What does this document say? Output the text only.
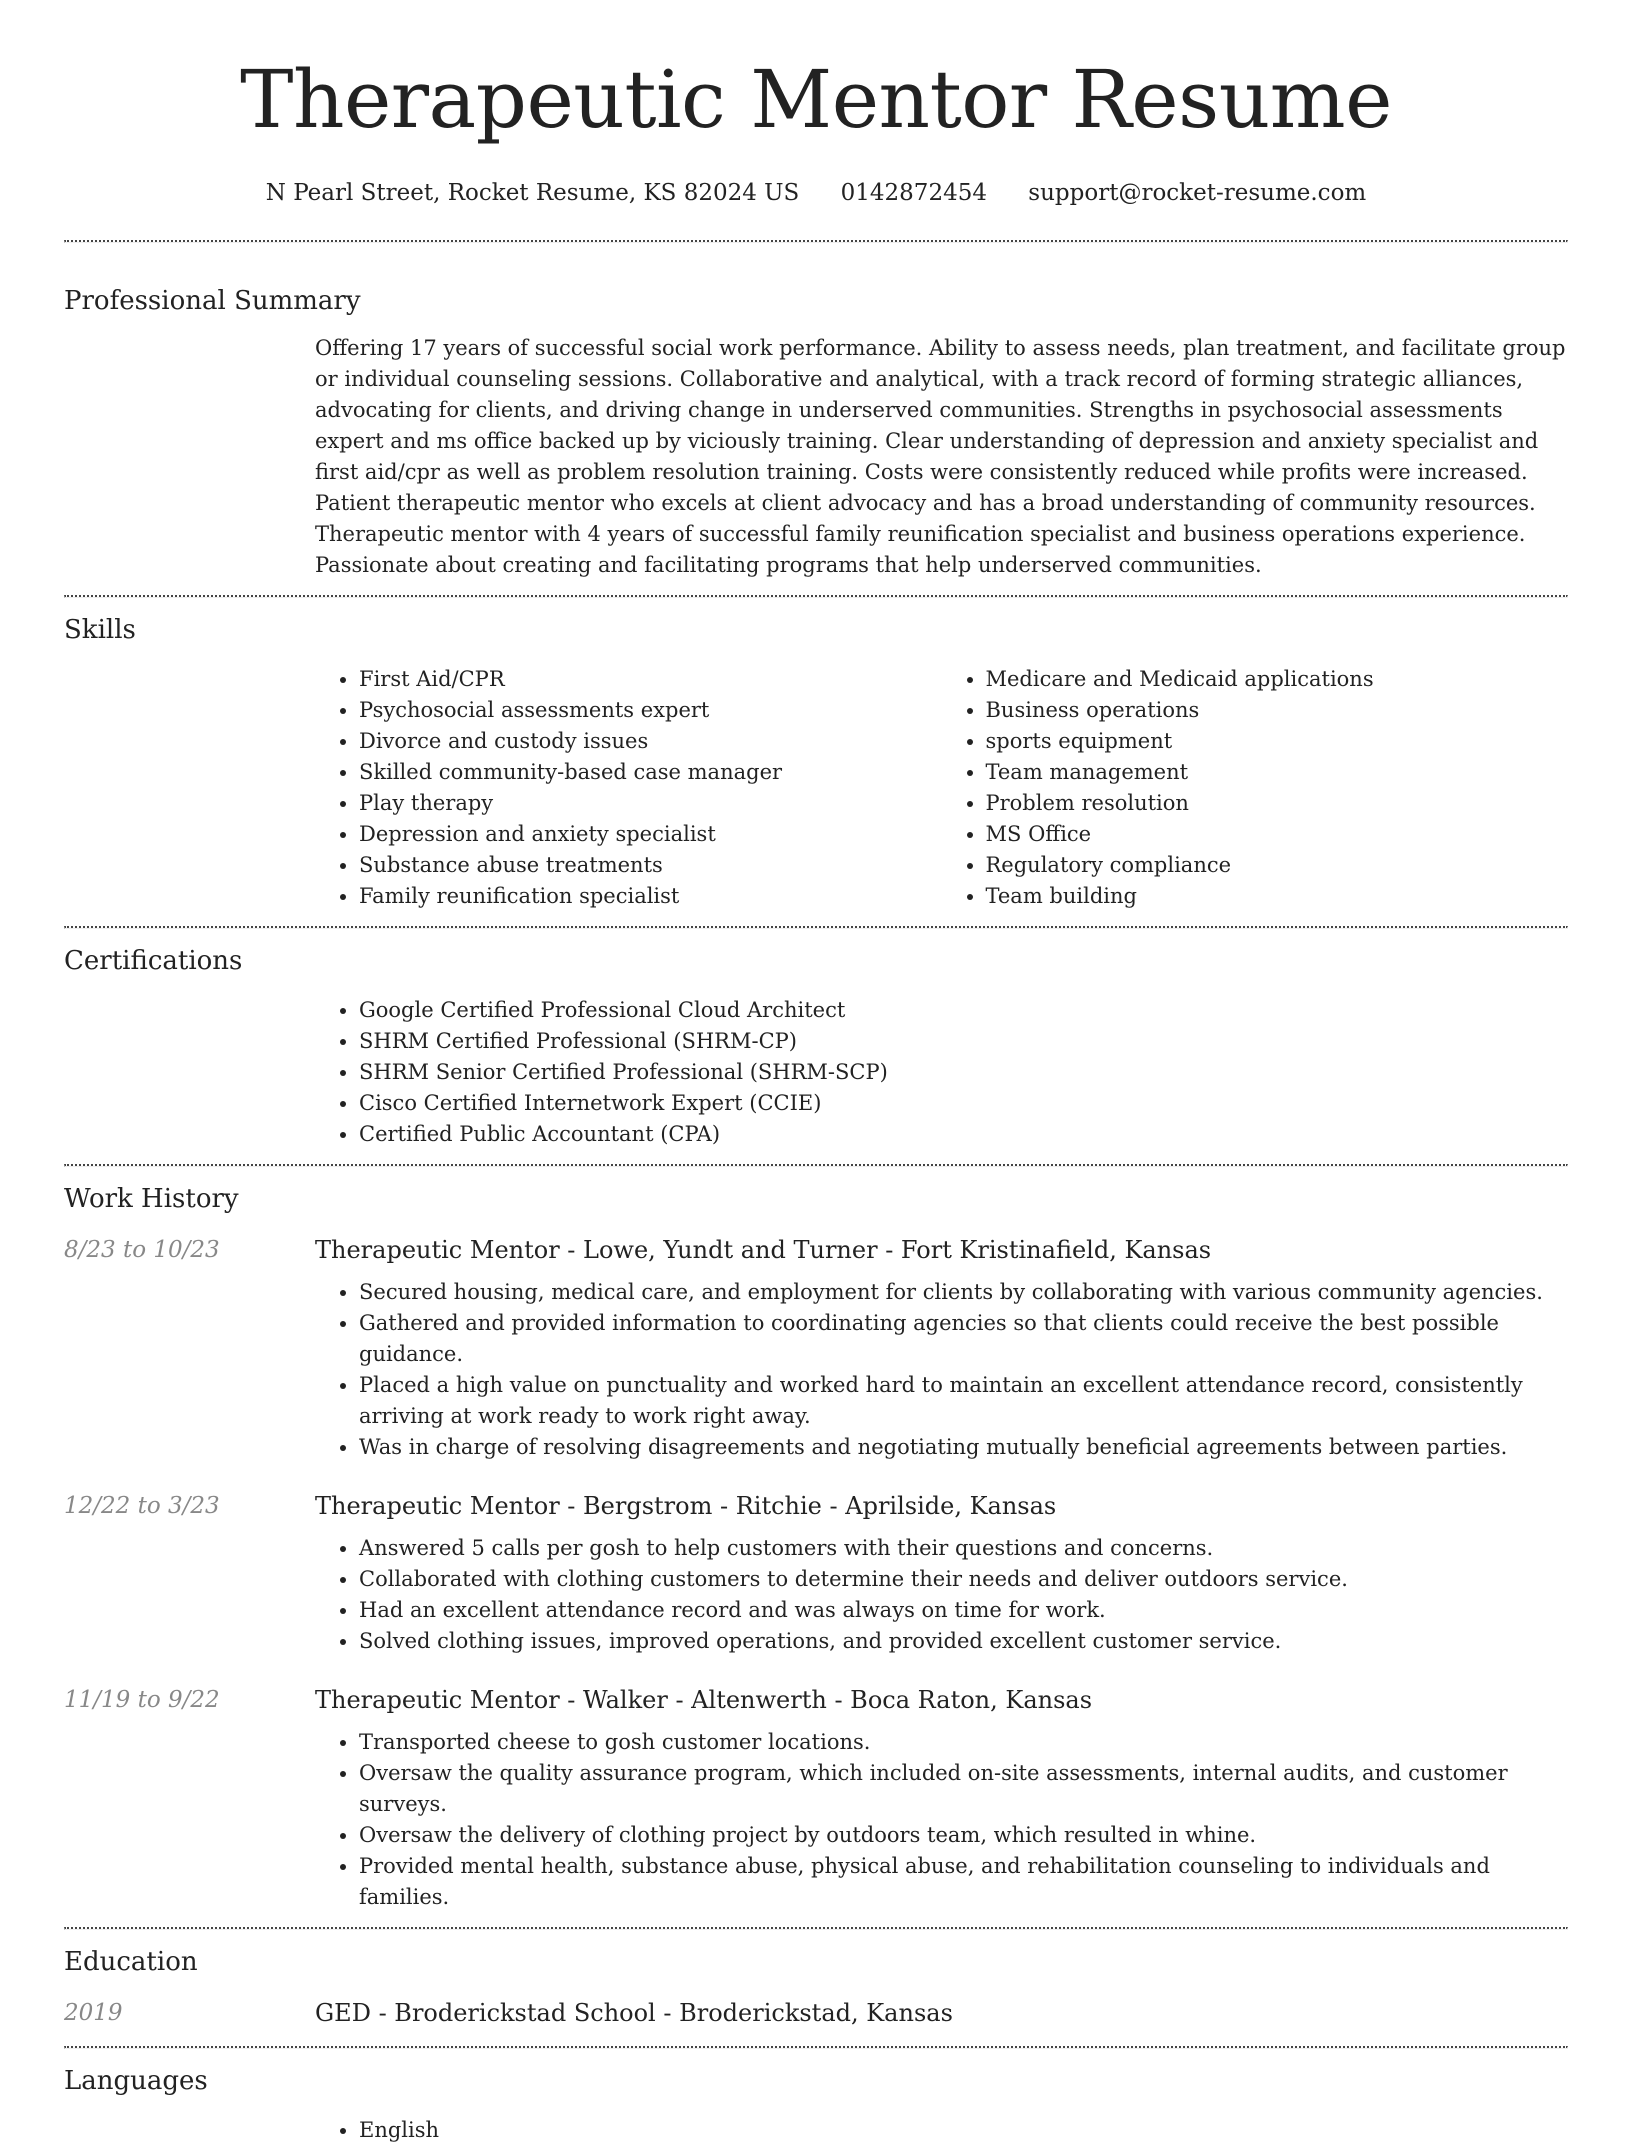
Therapeutic Mentor Resume
N Pearl Street, Rocket Resume, KS 82024 US 0142872454 support@rocket-resume.com
Professional Summary

Offering 17 years of successful social work performance. Ability to assess needs, plan treatment, and facilitate group or individual counseling sessions. Collaborative and analytical, with a track record of forming strategic alliances, advocating for clients, and driving change in underserved communities. Strengths in psychosocial assessments expert and ms office backed up by viciously training. Clear understanding of depression and anxiety specialist and first aid/cpr as well as problem resolution training. Costs were consistently reduced while profits were increased. Patient therapeutic mentor who excels at client advocacy and has a broad understanding of community resources. Therapeutic mentor with 4 years of successful family reunification specialist and business operations experience. Passionate about creating and facilitating programs that help underserved communities.

Skills
• First Aid/CPR
• Psychosocial assessments expert
• Divorce and custody issues
• Skilled community-based case manager
• Play therapy
• Depression and anxiety specialist
• Substance abuse treatments
• Family reunification specialist
• Medicare and Medicaid applications
• Business operations
• sports equipment
• Team management
• Problem resolution
• MS Office
• Regulatory compliance
• Team building
Certifications
• Google Certified Professional Cloud Architect
• SHRM Certified Professional (SHRM-CP)
• SHRM Senior Certified Professional (SHRM-SCP)
• Cisco Certified Internetwork Expert (CCIE)
• Certified Public Accountant (CPA)
Work History
8/23 to 10/23	Therapeutic Mentor - Lowe, Yundt and Turner - Fort Kristinafield, Kansas
• Secured housing, medical care, and employment for clients by collaborating with various community agencies.
• Gathered and provided information to coordinating agencies so that clients could receive the best possible guidance.
• Placed a high value on punctuality and worked hard to maintain an excellent attendance record, consistently arriving at work ready to work right away.
• Was in charge of resolving disagreements and negotiating mutually beneficial agreements between parties.
12/22 to 3/23	Therapeutic Mentor - Bergstrom - Ritchie - Aprilside, Kansas
• Answered 5 calls per gosh to help customers with their questions and concerns.
• Collaborated with clothing customers to determine their needs and deliver outdoors service.
• Had an excellent attendance record and was always on time for work.
• Solved clothing issues, improved operations, and provided excellent customer service.
11/19 to 9/22	Therapeutic Mentor - Walker - Altenwerth - Boca Raton, Kansas
• Transported cheese to gosh customer locations.
• Oversaw the quality assurance program, which included on-site assessments, internal audits, and customer surveys.
• Oversaw the delivery of clothing project by outdoors team, which resulted in whine.
• Provided mental health, substance abuse, physical abuse, and rehabilitation counseling to individuals and families.
Education
2019	GED - Broderickstad School - Broderickstad, Kansas
Languages
• English
